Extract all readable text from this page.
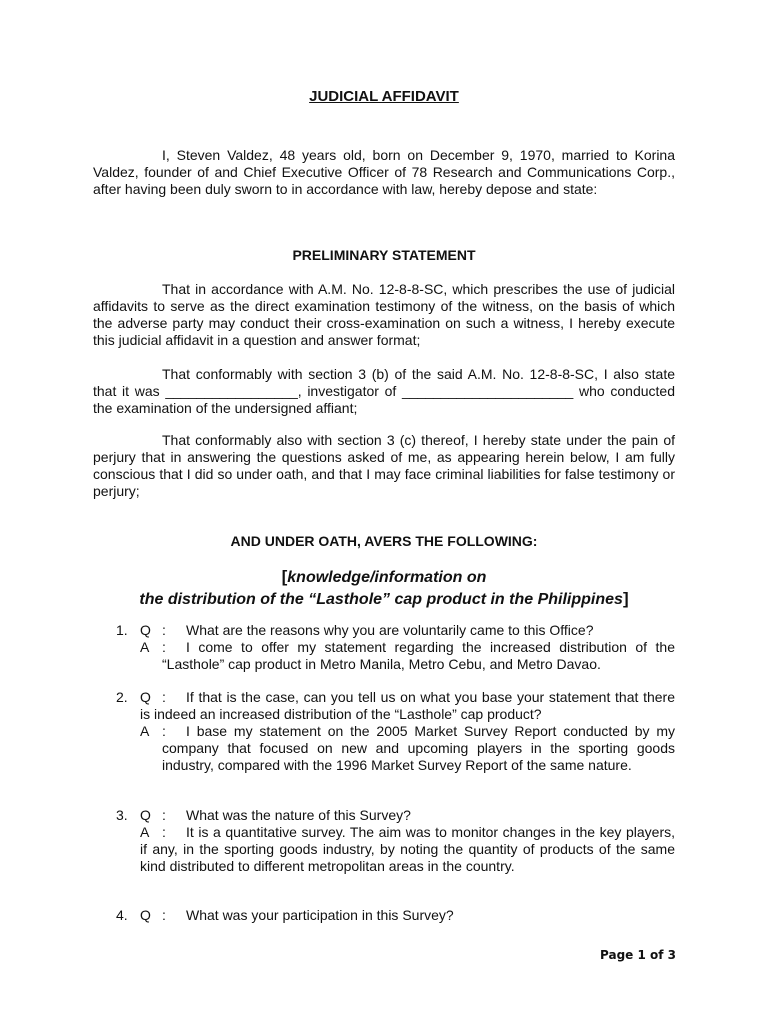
JUDICIAL AFFIDAVIT

I, Steven Valdez, 48 years old, born on December 9, 1970, married to Korina Valdez, founder of and Chief Executive Officer of 78 Research and Communications Corp., after having been duly sworn to in accordance with law, hereby depose and state:

PRELIMINARY STATEMENT

That in accordance with A.M. No. 12-8-8-SC, which prescribes the use of judicial affidavits to serve as the direct examination testimony of the witness, on the basis of which the adverse party may conduct their cross-examination on such a witness, I hereby execute this judicial affidavit in a question and answer format;

That conformably with section 3 (b) of the said A.M. No. 12-8-8-SC, I also state that it was _________________, investigator of ______________________ who conducted the examination of the undersigned affiant;

That conformably also with section 3 (c) thereof, I hereby state under the pain of perjury that in answering the questions asked of me, as appearing herein below, I am fully conscious that I did so under oath, and that I may face criminal liabilities for false testimony or perjury;

AND UNDER OATH, AVERS THE FOLLOWING:
[knowledge/information on
the distribution of the “Lasthole” cap product in the Philippines]
1. Q : What are the reasons why you are voluntarily came to this Office?
A :	I come to offer my statement regarding the increased distribution of the “Lasthole” cap product in Metro Manila, Metro Cebu, and Metro Davao.
2. Q :	If that is the case, can you tell us on what you base your statement that there is indeed an increased distribution of the “Lasthole” cap product?
A :	I base my statement on the 2005 Market Survey Report conducted by my company that focused on new and upcoming players in the sporting goods industry, compared with the 1996 Market Survey Report of the same nature.
3. Q : What was the nature of this Survey?
A :	It is a quantitative survey. The aim was to monitor changes in the key players, if any, in the sporting goods industry, by noting the quantity of products of the same kind distributed to different metropolitan areas in the country.
4. Q : What was your participation in this Survey?
Page 1 of 3
